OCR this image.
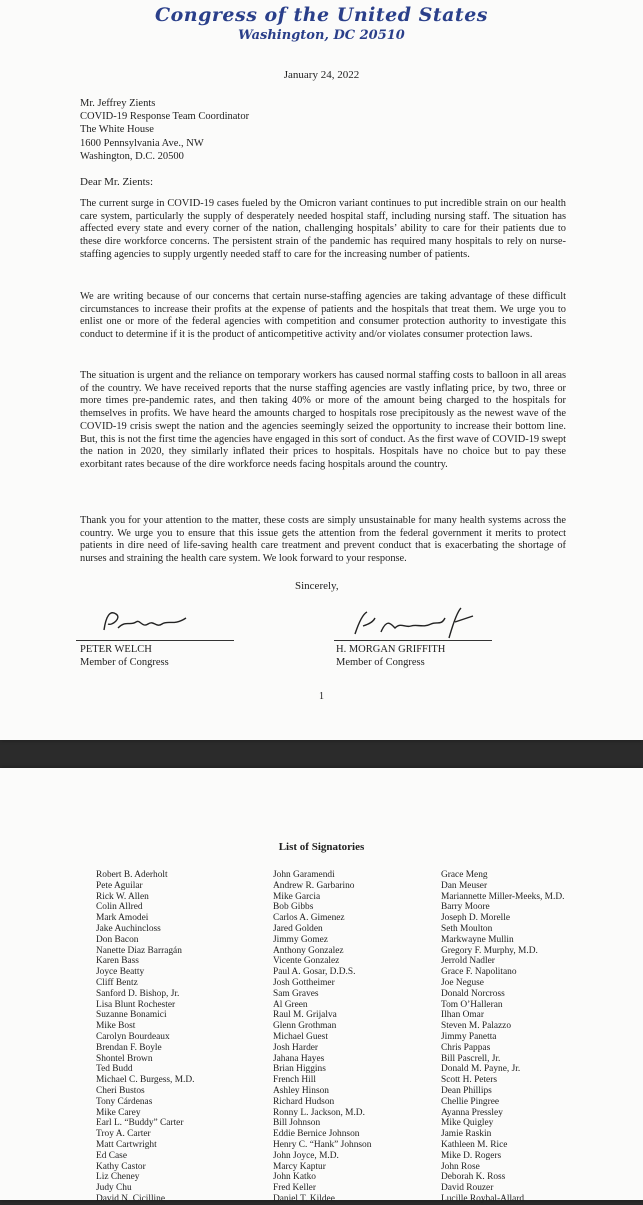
Congress of the United States
Washington, DC 20510
January 24, 2022
Mr. Jeffrey Zients
COVID-19 Response Team Coordinator
The White House
1600 Pennsylvania Ave., NW
Washington, D.C. 20500
Dear Mr. Zients:

The current surge in COVID-19 cases fueled by the Omicron variant continues to put incredible strain on our health care system, particularly the supply of desperately needed hospital staff, including nursing staff. The situation has affected every state and every corner of the nation, challenging hospitals’ ability to care for their patients due to these dire workforce concerns. The persistent strain of the pandemic has required many hospitals to rely on nurse-staffing agencies to supply urgently needed staff to care for the increasing number of patients.

We are writing because of our concerns that certain nurse-staffing agencies are taking advantage of these difficult circumstances to increase their profits at the expense of patients and the hospitals that treat them. We urge you to enlist one or more of the federal agencies with competition and consumer protection authority to investigate this conduct to determine if it is the product of anticompetitive activity and/or violates consumer protection laws.

The situation is urgent and the reliance on temporary workers has caused normal staffing costs to balloon in all areas of the country. We have received reports that the nurse staffing agencies are vastly inflating price, by two, three or more times pre-pandemic rates, and then taking 40% or more of the amount being charged to the hospitals for themselves in profits. We have heard the amounts charged to hospitals rose precipitously as the newest wave of the COVID-19 crisis swept the nation and the agencies seemingly seized the opportunity to increase their bottom line. But, this is not the first time the agencies have engaged in this sort of conduct. As the first wave of COVID-19 swept the nation in 2020, they similarly inflated their prices to hospitals. Hospitals have no choice but to pay these exorbitant rates because of the dire workforce needs facing hospitals around the country.

Thank you for your attention to the matter, these costs are simply unsustainable for many health systems across the country. We urge you to ensure that this issue gets the attention from the federal government it merits to protect patients in dire need of life-saving health care treatment and prevent conduct that is exacerbating the shortage of nurses and straining the health care system. We look forward to your response.

Sincerely,
PETER WELCH
Member of Congress
H. MORGAN GRIFFITH
Member of Congress
1
List of Signatories
Robert B. Aderholt
Pete Aguilar
Rick W. Allen
Colin Allred
Mark Amodei
Jake Auchincloss
Don Bacon
Nanette Diaz Barragán
Karen Bass
Joyce Beatty
Cliff Bentz
Sanford D. Bishop, Jr.
Lisa Blunt Rochester
Suzanne Bonamici
Mike Bost
Carolyn Bourdeaux
Brendan F. Boyle
Shontel Brown
Ted Budd
Michael C. Burgess, M.D.
Cheri Bustos
Tony Cárdenas
Mike Carey
Earl L. “Buddy” Carter
Troy A. Carter
Matt Cartwright
Ed Case
Kathy Castor
Liz Cheney
Judy Chu
David N. Cicilline
John Garamendi
Andrew R. Garbarino
Mike Garcia
Bob Gibbs
Carlos A. Gimenez
Jared Golden
Jimmy Gomez
Anthony Gonzalez
Vicente Gonzalez
Paul A. Gosar, D.D.S.
Josh Gottheimer
Sam Graves
Al Green
Raul M. Grijalva
Glenn Grothman
Michael Guest
Josh Harder
Jahana Hayes
Brian Higgins
French Hill
Ashley Hinson
Richard Hudson
Ronny L. Jackson, M.D.
Bill Johnson
Eddie Bernice Johnson
Henry C. “Hank” Johnson
John Joyce, M.D.
Marcy Kaptur
John Katko
Fred Keller
Daniel T. Kildee
Grace Meng
Dan Meuser
Mariannette Miller-Meeks, M.D.
Barry Moore
Joseph D. Morelle
Seth Moulton
Markwayne Mullin
Gregory F. Murphy, M.D.
Jerrold Nadler
Grace F. Napolitano
Joe Neguse
Donald Norcross
Tom O’Halleran
Ilhan Omar
Steven M. Palazzo
Jimmy Panetta
Chris Pappas
Bill Pascrell, Jr.
Donald M. Payne, Jr.
Scott H. Peters
Dean Phillips
Chellie Pingree
Ayanna Pressley
Mike Quigley
Jamie Raskin
Kathleen M. Rice
Mike D. Rogers
John Rose
Deborah K. Ross
David Rouzer
Lucille Roybal-Allard
